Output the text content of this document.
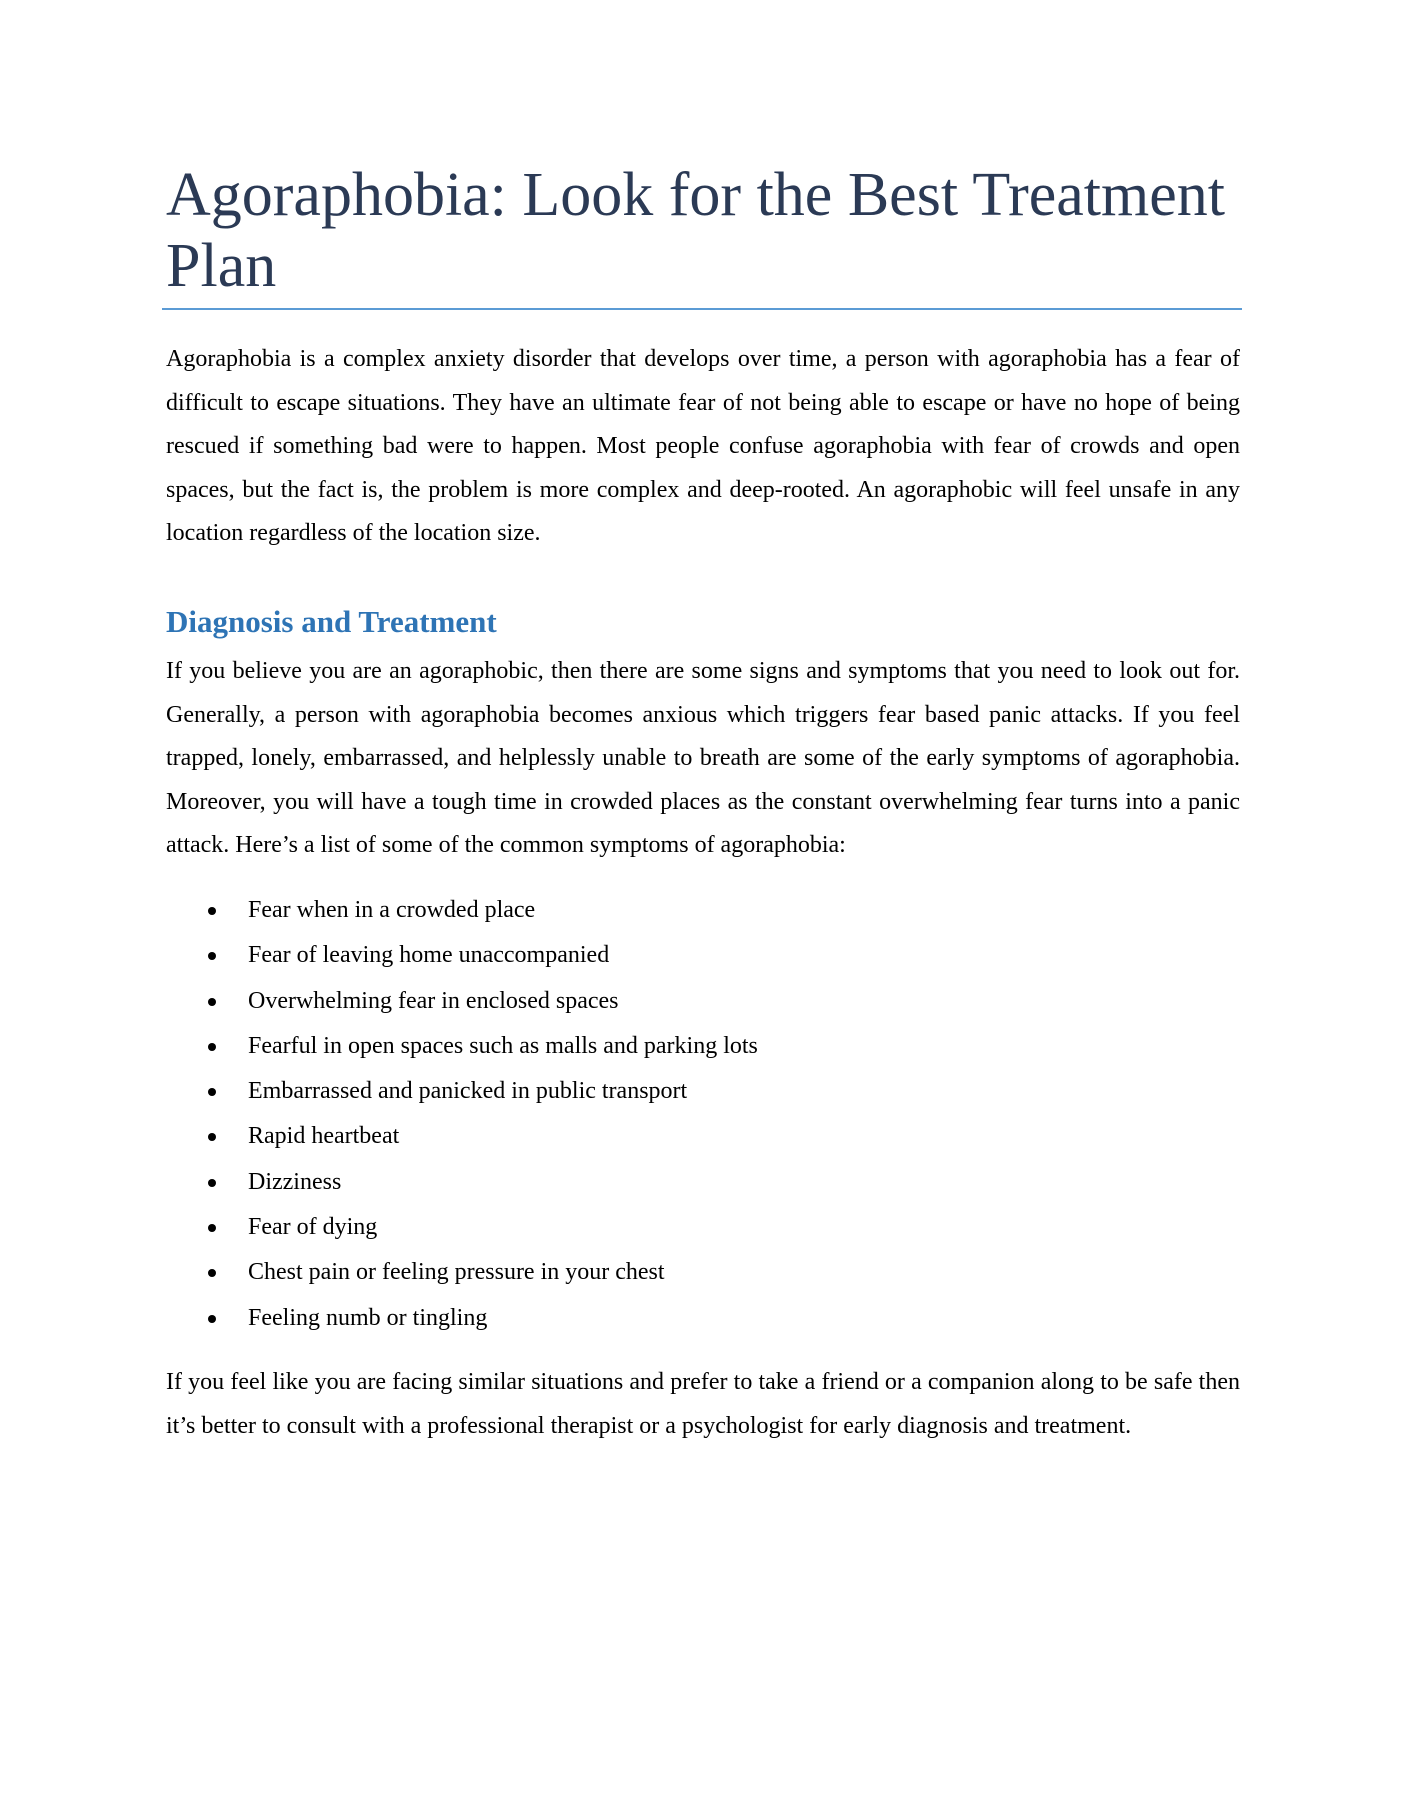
Agoraphobia: Look for the Best Treatment Plan

Agoraphobia is a complex anxiety disorder that develops over time, a person with agoraphobia has a fear of difficult to escape situations. They have an ultimate fear of not being able to escape or have no hope of being rescued if something bad were to happen. Most people confuse agoraphobia with fear of crowds and open spaces, but the fact is, the problem is more complex and deep-rooted. An agoraphobic will feel unsafe in any location regardless of the location size.

Diagnosis and Treatment

If you believe you are an agoraphobic, then there are some signs and symptoms that you need to look out for. Generally, a person with agoraphobia becomes anxious which triggers fear based panic attacks. If you feel trapped, lonely, embarrassed, and helplessly unable to breath are some of the early symptoms of agoraphobia. Moreover, you will have a tough time in crowded places as the constant overwhelming fear turns into a panic attack. Here’s a list of some of the common symptoms of agoraphobia:

Fear when in a crowded place
Fear of leaving home unaccompanied
Overwhelming fear in enclosed spaces
Fearful in open spaces such as malls and parking lots
Embarrassed and panicked in public transport
Rapid heartbeat
Dizziness
Fear of dying
Chest pain or feeling pressure in your chest
Feeling numb or tingling

If you feel like you are facing similar situations and prefer to take a friend or a companion along to be safe then it’s better to consult with a professional therapist or a psychologist for early diagnosis and treatment.
